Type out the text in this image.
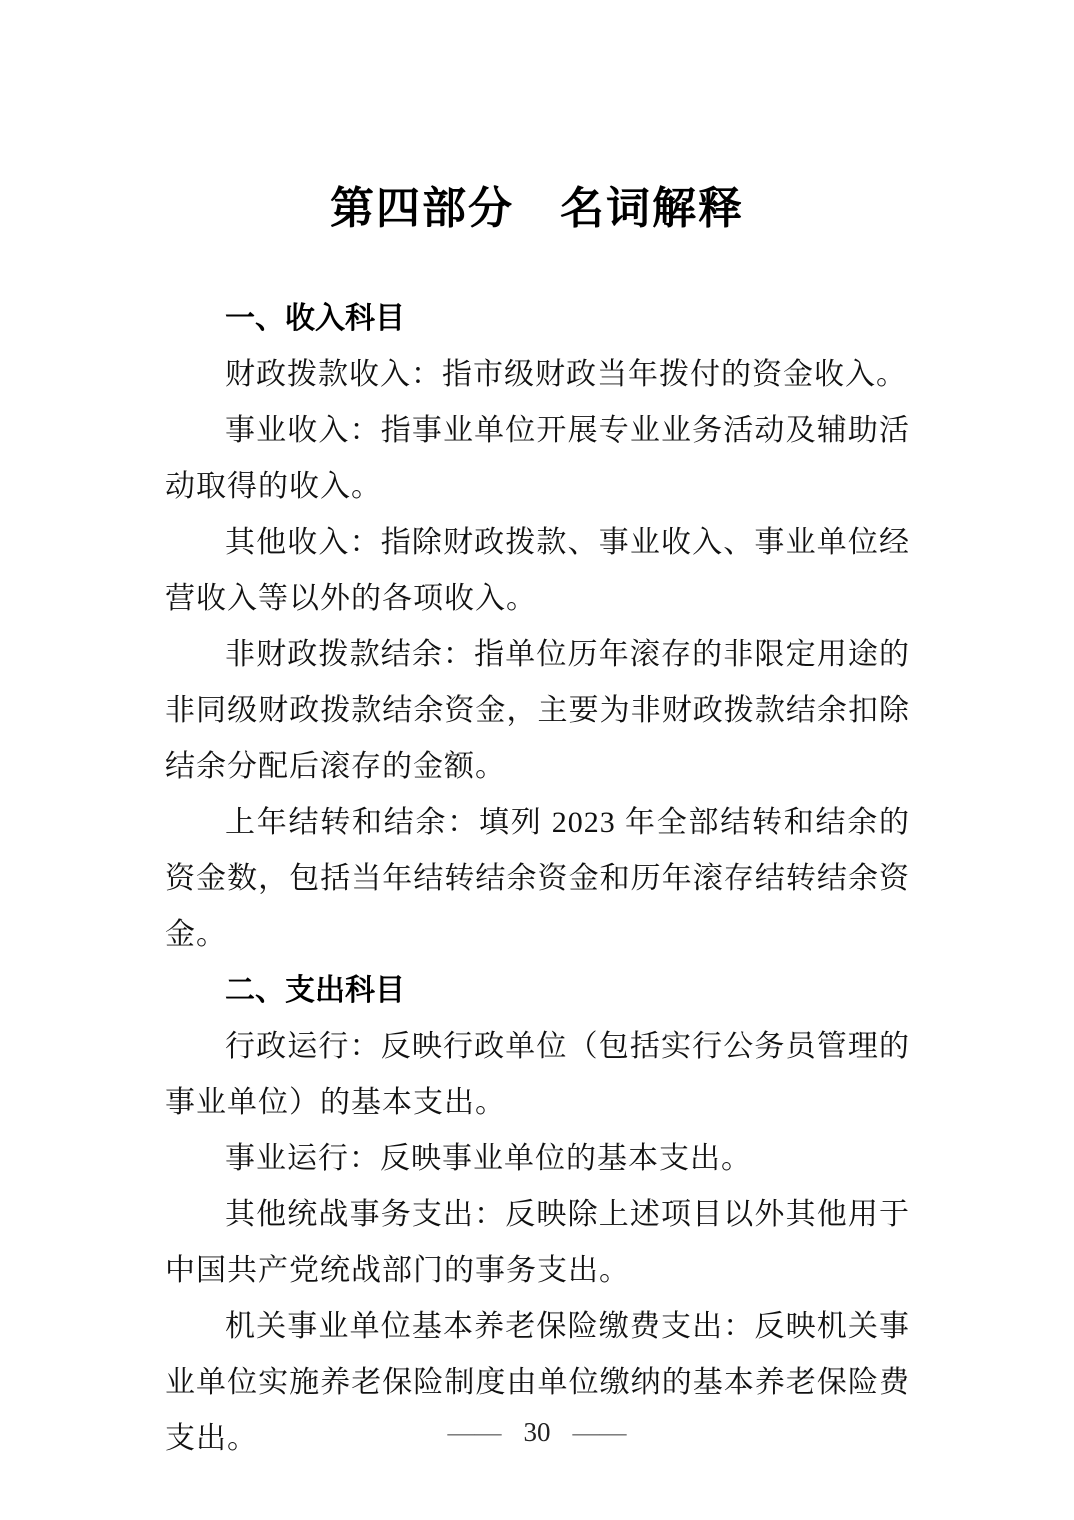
第四部分　名词解释
一、收入科目

财政拨款收入：指市级财政当年拨付的资金收入。

事业收入：指事业单位开展专业业务活动及辅助活动取得的收入。

其他收入：指除财政拨款、事业收入、事业单位经营收入等以外的各项收入。

非财政拨款结余：指单位历年滚存的非限定用途的非同级财政拨款结余资金，主要为非财政拨款结余扣除结余分配后滚存的金额。

上年结转和结余：填列 2023 年全部结转和结余的资金数，包括当年结转结余资金和历年滚存结转结余资金。

二、支出科目

行政运行：反映行政单位（包括实行公务员管理的事业单位）的基本支出。

事业运行：反映事业单位的基本支出。

其他统战事务支出：反映除上述项目以外其他用于中国共产党统战部门的事务支出。

机关事业单位基本养老保险缴费支出：反映机关事业单位实施养老保险制度由单位缴纳的基本养老保险费支出。	—— 30 ——
